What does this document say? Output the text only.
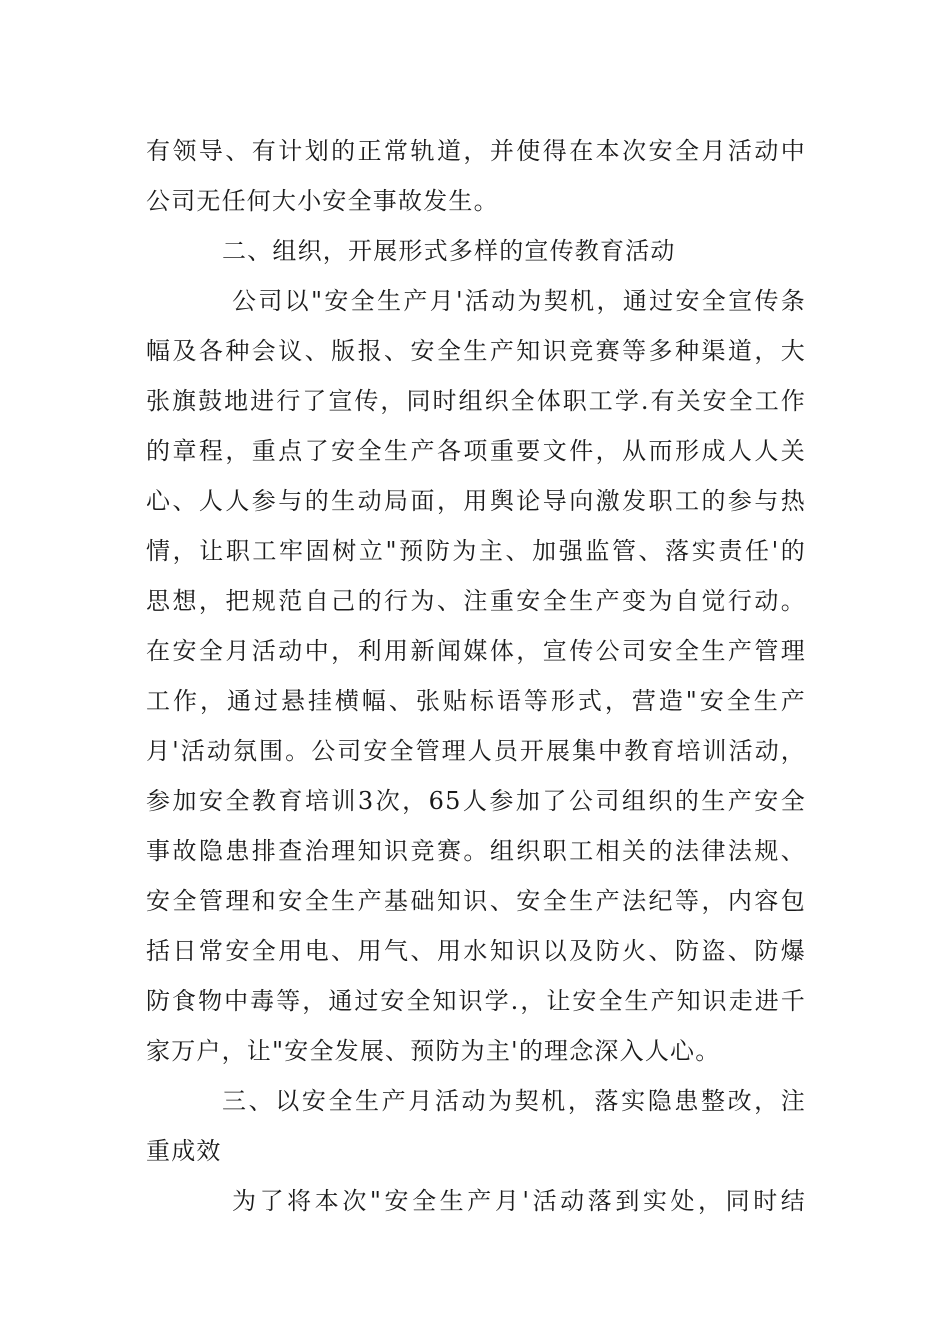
有领导、有计划的正常轨道，并使得在本次安全月活动中
公司无任何大小安全事故发生。
二、组织，开展形式多样的宣传教育活动
公司以"安全生产月'活动为契机，通过安全宣传条
幅及各种会议、版报、安全生产知识竞赛等多种渠道，大
张旗鼓地进行了宣传，同时组织全体职工学.有关安全工作
的章程，重点了安全生产各项重要文件，从而形成人人关
心、人人参与的生动局面，用舆论导向激发职工的参与热
情，让职工牢固树立"预防为主、加强监管、落实责任'的
思想，把规范自己的行为、注重安全生产变为自觉行动。
在安全月活动中，利用新闻媒体，宣传公司安全生产管理
工作，通过悬挂横幅、张贴标语等形式，营造"安全生产
月'活动氛围。公司安全管理人员开展集中教育培训活动，
参加安全教育培训3次，65人参加了公司组织的生产安全
事故隐患排查治理知识竞赛。组织职工相关的法律法规、
安全管理和安全生产基础知识、安全生产法纪等，内容包
括日常安全用电、用气、用水知识以及防火、防盗、防爆
防食物中毒等，通过安全知识学.，让安全生产知识走进千
家万户，让"安全发展、预防为主'的理念深入人心。
三、以安全生产月活动为契机，落实隐患整改，注
重成效
为了将本次"安全生产月'活动落到实处，同时结
